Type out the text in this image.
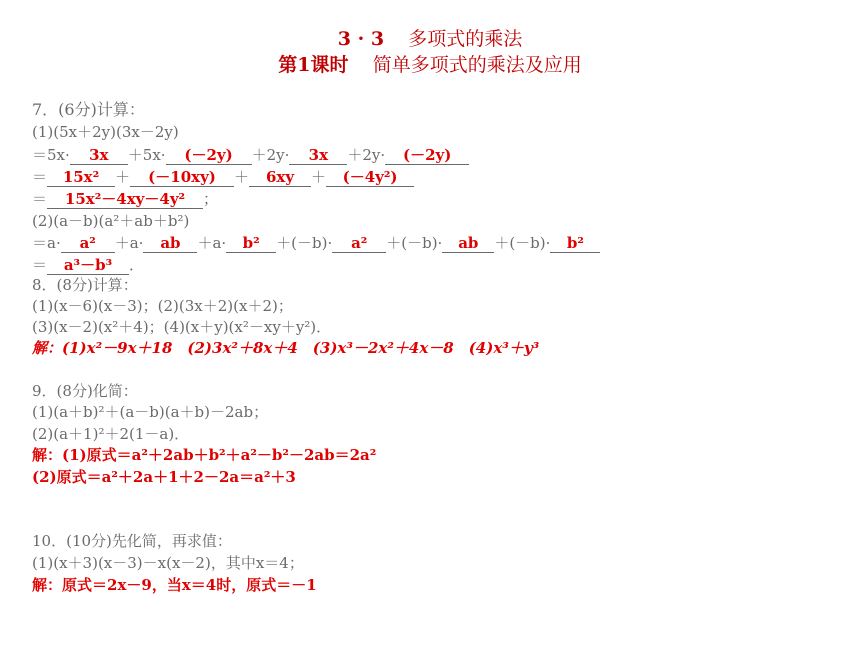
3 · 3 多项式的乘法
第1课时 简单多项式的乘法及应用
7．(6分)计算：
(1)(5x＋2y)(3x－2y)
＝5x· 3x ＋5x· (－2y) ＋2y· 3x ＋2y· (－2y)
＝ 15x² ＋ (－10xy) ＋ 6xy ＋ (－4y²)
＝ 15x²－4xy－4y² ；
(2)(a－b)(a²＋ab＋b²)
＝a· a² ＋a· ab ＋a· b² ＋(－b)· a² ＋(－b)· ab ＋(－b)· b²
＝ a³－b³ ．
8．(8分)计算：
(1)(x－6)(x－3)；(2)(3x＋2)(x＋2)；
(3)(x－2)(x²＋4)；(4)(x＋y)(x²－xy＋y²)．
解：(1)x²－9x＋18　(2)3x²＋8x＋4　(3)x³－2x²＋4x－8　(4)x³＋y³
9．(8分)化简：
(1)(a＋b)²＋(a－b)(a＋b)－2ab；
(2)(a＋1)²＋2(1－a)．
解：(1)原式＝a²＋2ab＋b²＋a²－b²－2ab＝2a²
(2)原式＝a²＋2a＋1＋2－2a＝a²＋3
10．(10分)先化简，再求值：
(1)(x＋3)(x－3)－x(x－2)，其中x＝4；
解：原式＝2x－9，当x＝4时，原式＝－1
